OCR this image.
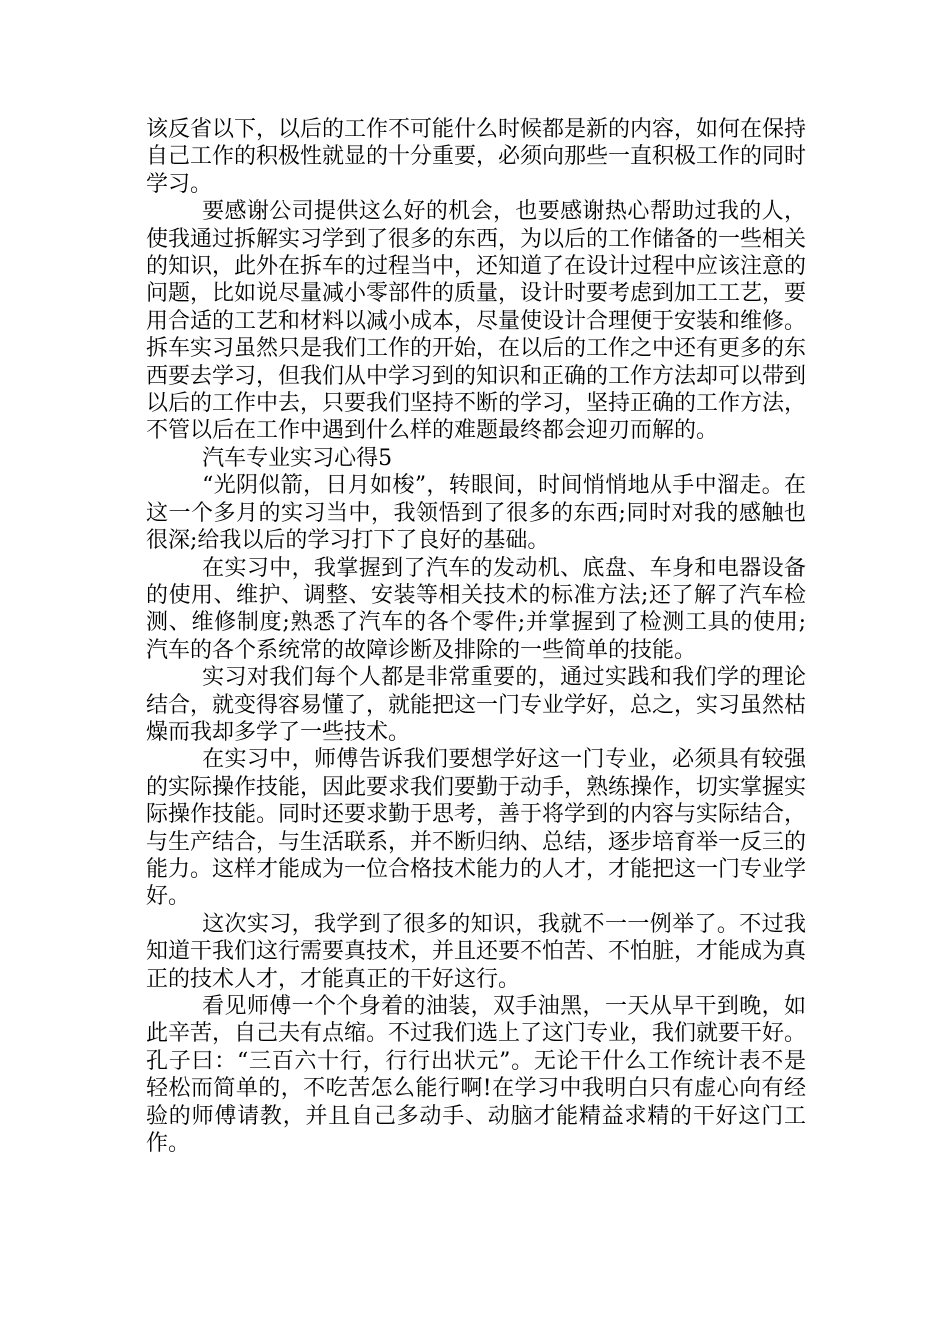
该反省以下，以后的工作不可能什么时候都是新的内容，如何在保持自己工作的积极性就显的十分重要，必须向那些一直积极工作的同时学习。

要感谢公司提供这么好的机会，也要感谢热心帮助过我的人，使我通过拆解实习学到了很多的东西，为以后的工作储备的一些相关的知识，此外在拆车的过程当中，还知道了在设计过程中应该注意的问题，比如说尽量减小零部件的质量，设计时要考虑到加工工艺，要用合适的工艺和材料以减小成本，尽量使设计合理便于安装和维修。拆车实习虽然只是我们工作的开始，在以后的工作之中还有更多的东西要去学习，但我们从中学习到的知识和正确的工作方法却可以带到以后的工作中去，只要我们坚持不断的学习，坚持正确的工作方法，不管以后在工作中遇到什么样的难题最终都会迎刃而解的。

汽车专业实习心得5

“光阴似箭，日月如梭”，转眼间，时间悄悄地从手中溜走。在这一个多月的实习当中，我领悟到了很多的东西;同时对我的感触也很深;给我以后的学习打下了良好的基础。

在实习中，我掌握到了汽车的发动机、底盘、车身和电器设备的使用、维护、调整、安装等相关技术的标准方法;还了解了汽车检测、维修制度;熟悉了汽车的各个零件;并掌握到了检测工具的使用;汽车的各个系统常的故障诊断及排除的一些简单的技能。

实习对我们每个人都是非常重要的，通过实践和我们学的理论结合，就变得容易懂了，就能把这一门专业学好，总之，实习虽然枯燥而我却多学了一些技术。

在实习中，师傅告诉我们要想学好这一门专业，必须具有较强的实际操作技能，因此要求我们要勤于动手，熟练操作，切实掌握实际操作技能。同时还要求勤于思考，善于将学到的内容与实际结合，与生产结合，与生活联系，并不断归纳、总结，逐步培育举一反三的能力。这样才能成为一位合格技术能力的人才，才能把这一门专业学好。

这次实习，我学到了很多的知识，我就不一一例举了。不过我知道干我们这行需要真技术，并且还要不怕苦、不怕脏，才能成为真正的技术人才，才能真正的干好这行。

看见师傅一个个身着的油装，双手油黑，一天从早干到晚，如此辛苦，自己夫有点缩。不过我们选上了这门专业，我们就要干好。孔子曰：“三百六十行，行行出状元”。无论干什么工作统计表不是轻松而简单的，不吃苦怎么能行啊!在学习中我明白只有虚心向有经验的师傅请教，并且自己多动手、动脑才能精益求精的干好这门工作。
